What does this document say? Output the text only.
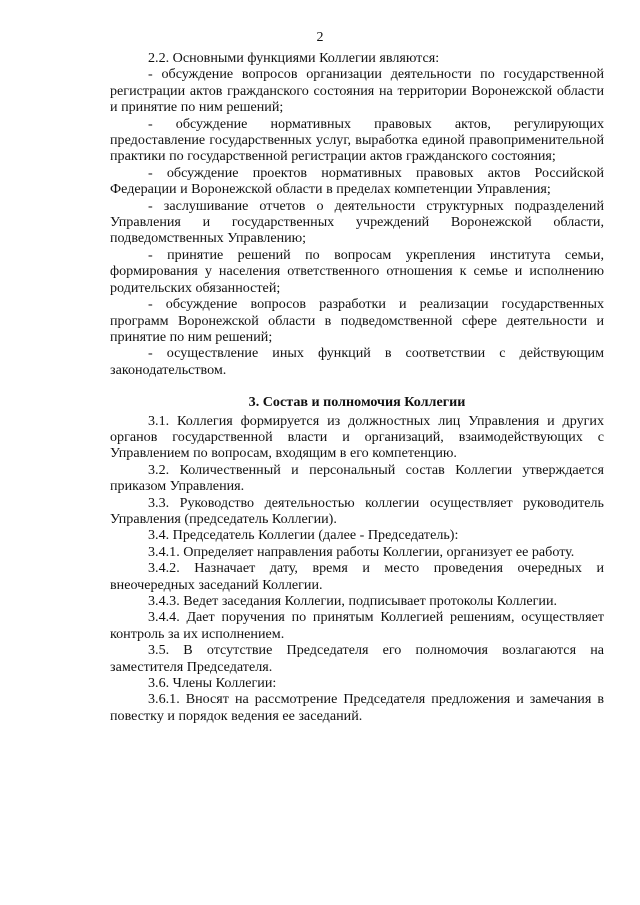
2

2.2. Основными функциями Коллегии являются:

- обсуждение вопросов организации деятельности по государственной регистрации актов гражданского состояния на территории Воронежской области и принятие по ним решений;

- обсуждение нормативных правовых актов, регулирующих предоставление государственных услуг, выработка единой правоприменительной практики по государственной регистрации актов гражданского состояния;

- обсуждение проектов нормативных правовых актов Российской Федерации и Воронежской области в пределах компетенции Управления;

- заслушивание отчетов о деятельности структурных подразделений Управления и государственных учреждений Воронежской области, подведомственных Управлению;

- принятие решений по вопросам укрепления института семьи, формирования у населения ответственного отношения к семье и исполнению родительских обязанностей;

- обсуждение вопросов разработки и реализации государственных программ Воронежской области в подведомственной сфере деятельности и принятие по ним решений;

- осуществление иных функций в соответствии с действующим законодательством.

3. Состав и полномочия Коллегии

3.1. Коллегия формируется из должностных лиц Управления и других органов государственной власти и организаций, взаимодействующих с Управлением по вопросам, входящим в его компетенцию.

3.2. Количественный и персональный состав Коллегии утверждается приказом Управления.

3.3. Руководство деятельностью коллегии осуществляет руководитель Управления (председатель Коллегии).

3.4. Председатель Коллегии (далее - Председатель):

3.4.1. Определяет направления работы Коллегии, организует ее работу.

3.4.2. Назначает дату, время и место проведения очередных и внеочередных заседаний Коллегии.

3.4.3. Ведет заседания Коллегии, подписывает протоколы Коллегии.

3.4.4. Дает поручения по принятым Коллегией решениям, осуществляет контроль за их исполнением.

3.5. В отсутствие Председателя его полномочия возлагаются на заместителя Председателя.

3.6. Члены Коллегии:

3.6.1. Вносят на рассмотрение Председателя предложения и замечания в повестку и порядок ведения ее заседаний.
